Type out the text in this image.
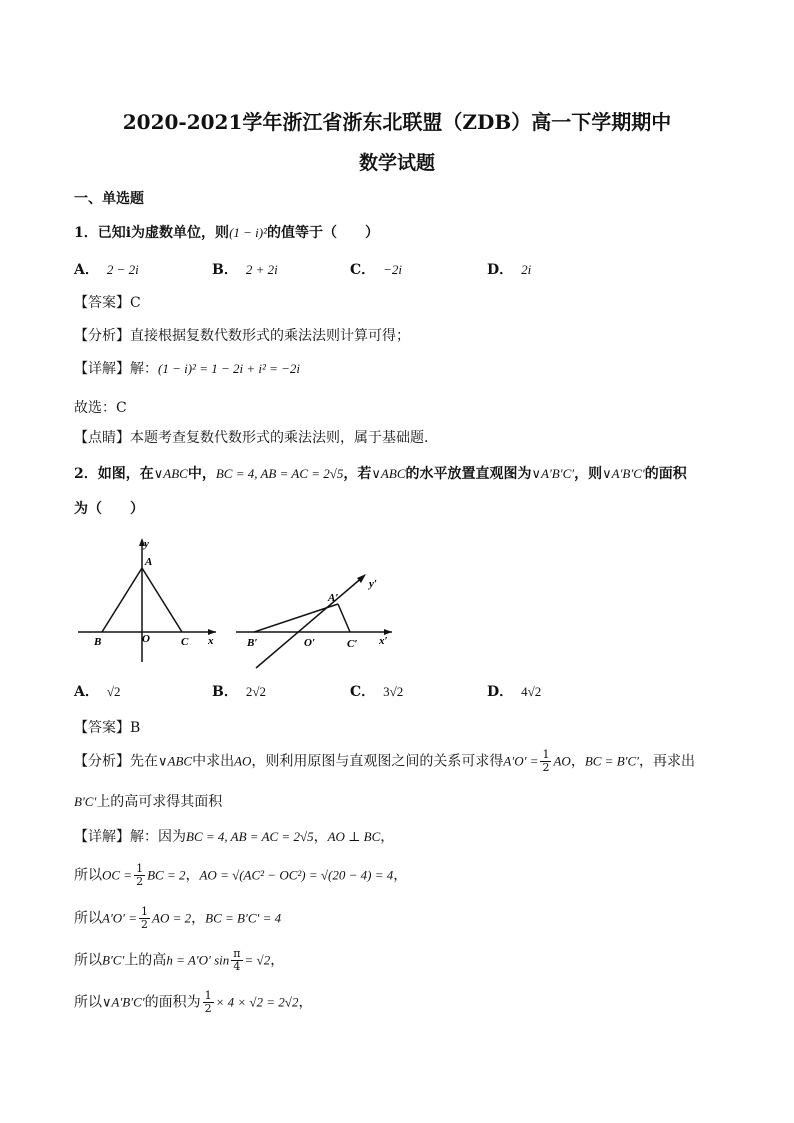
2020-2021学年浙江省浙东北联盟（ZDB）高一下学期期中
数学试题
一、单选题
1．已知i为虚数单位，则(1 − i)²的值等于（　　）
A． 2 − 2i	B． 2 + 2i	C． −2i	D． 2i
【答案】C
【分析】直接根据复数代数形式的乘法法则计算可得；
【详解】解：(1 − i)² = 1 − 2i + i² = −2i
故选：C
【点睛】本题考查复数代数形式的乘法法则，属于基础题.
2．如图，在∨ABC中，BC = 4, AB = AC = 2√5，若∨ABC的水平放置直观图为∨A′B′C′，则∨A′B′C′的面积
为（　　）
y
A
B	O	C x
y′
A′
B′	O′	C′ x′
A． √2	B． 2√2	C． 3√2	D． 4√2
【答案】B
【分析】先在∨ABC中求出AO，则利用原图与直观图之间的关系可求得$A'O' = \frac{1}{2}$ AO，BC = B′C′，再求出
B′C′上的高可求得其面积
【详解】解：因为BC = 4, AB = AC = 2√5，AO ⊥ BC，
所以OC = $\frac{1}{2}$ BC = 2，AO = √(AC² − OC²) = √(20 − 4) = 4，
所以$A'O' = \frac{1}{2}$ AO = 2，BC = B′C′ = 4
所以B′C′上的高h = A′O′ $\sin \frac{\pi}{4} = √2$，
所以∨A′B′C′的面积为 $\frac{1}{2} \times 4 \times √2 = 2√2$，
